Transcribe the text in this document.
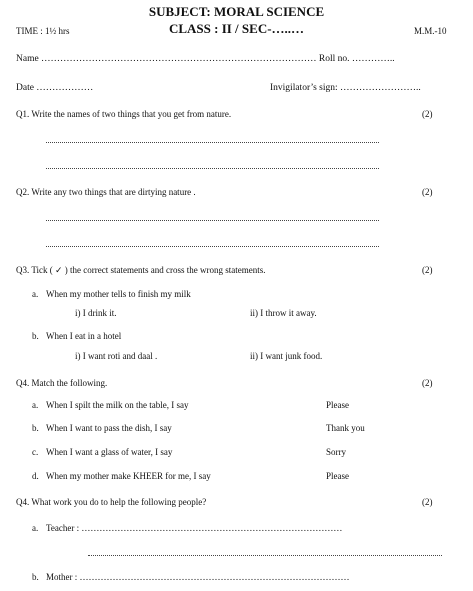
SUBJECT: MORAL SCIENCE
CLASS : II / SEC-…..…
TIME : 1½ hrs	M.M.-10
Name …………………………………………………………………………… Roll no. …………..
Date ………………	Invigilator’s sign: ……………………..
Q1. Write the names of two things that you get from nature.	(2)
Q2. Write any two things that are dirtying nature .	(2)
Q3. Tick ( ✓ ) the correct statements and cross the wrong statements.	(2)
a. When my mother tells to finish my milk
i) I drink it.	ii) I throw it away.
b. When I eat in a hotel
i) I want roti and daal .	ii) I want junk food.
Q4. Match the following.	(2)
a. When I spilt the milk on the table, I say	Please
b. When I want to pass the dish, I say	Thank you
c. When I want a glass of water, I say	Sorry
d. When my mother make KHEER for me, I say	Please
Q4. What work you do to help the following people?	(2)
a. Teacher : ……………………………………………………………………………
b. Mother : ………………………………………………………………………………
